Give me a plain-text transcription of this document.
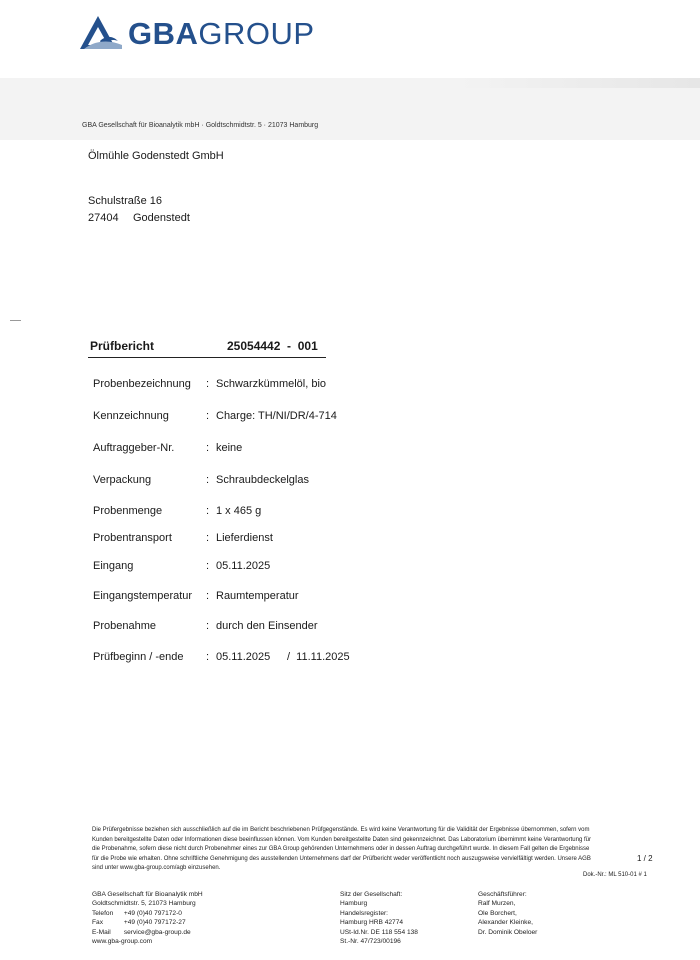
GBAGROUP
GBA Gesellschaft für Bioanalytik mbH · Goldtschmidtstr. 5 · 21073 Hamburg
Ölmühle Godenstedt GmbH
Schulstraße 16
27404 Godenstedt
Prüfbericht	25054442  -  001
Probenbezeichnung : Schwarzkümmelöl, bio
Kennzeichnung	: Charge: TH/NI/DR/4-714
Auftraggeber-Nr.	: keine
Verpackung	: Schraubdeckelglas
Probenmenge	: 1 x 465 g
Probentransport	: Lieferdienst
Eingang	: 05.11.2025
Eingangstemperatur : Raumtemperatur
Probenahme	: durch den Einsender
Prüfbeginn / -ende : 05.11.2025 /  11.11.2025
Die Prüfergebnisse beziehen sich ausschließlich auf die im Bericht beschriebenen Prüfgegenstände. Es wird keine Verantwortung für die Validität der Ergebnisse übernommen, sofern vom Kunden bereitgestellte Daten oder Informationen diese beeinflussen können. Vom Kunden bereitgestellte Daten sind gekennzeichnet. Das Laboratorium übernimmt keine Verantwortung für die Probenahme, sofern diese nicht durch Probenehmer eines zur GBA Group gehörenden Unternehmens oder in dessen Auftrag durchgeführt wurde. In diesem Fall gelten die Ergebnisse für die Probe wie erhalten. Ohne schriftliche Genehmigung des ausstellenden Unternehmens darf der Prüfbericht weder veröffentlicht noch auszugsweise vervielfältigt werden. Unsere AGB sind unter www.gba-group.com/agb einzusehen.
1 / 2
Dok.-Nr.: ML 510-01 # 1
GBA Gesellschaft für Bioanalytik mbH
Goldtschmidtstr. 5, 21073 Hamburg
Telefon +49 (0)40 797172-0
Fax	+49 (0)40 797172-27
E-Mail service@gba-group.de
www.gba-group.com
Sitz der Gesellschaft:
Hamburg
Handelsregister:
Hamburg HRB 42774
USt-Id.Nr. DE 118 554 138
St.-Nr. 47/723/00196
Geschäftsführer:
Ralf Murzen,
Ole Borchert,
Alexander Kleinke,
Dr. Dominik Obeloer
